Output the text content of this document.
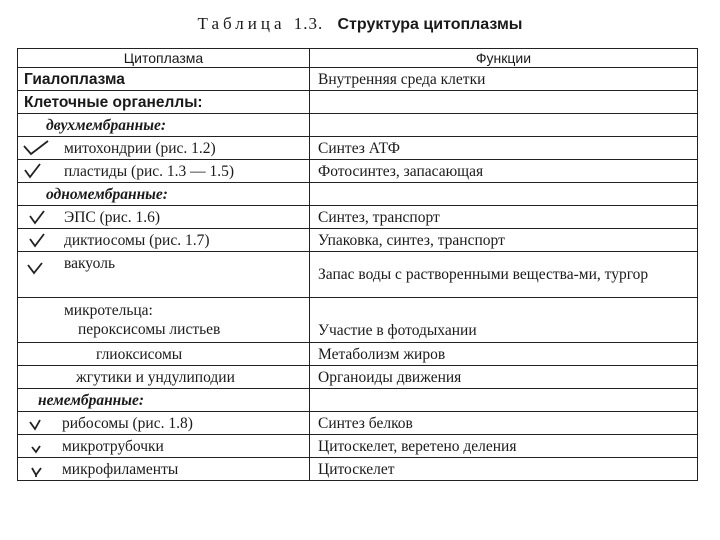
Таблица 1.3. Структура цитоплазмы
Цитоплазма	Функции
Гиалоплазма	Внутренняя среда клетки
Клеточные органеллы:	
двухмембранные:	

митохондрии (рис. 1.2)	Синтез АТФ

пластиды (рис. 1.3 — 1.5)	Фотосинтез, запасающая
одномембранные:	

ЭПС (рис. 1.6)	Синтез, транспорт

диктиосомы (рис. 1.7)	Упаковка, синтез, транспорт

вакуоль	Запас воды с растворенными вещества-ми, тургор
микротельца:
пероксисомы листьев	Участие в фотодыхании
глиоксисомы	Метаболизм жиров
жгутики и ундулиподии	Органоиды движения
немембранные:	

рибосомы (рис. 1.8)	Синтез белков

микротрубочки	Цитоскелет, веретено деления

микрофиламенты	Цитоскелет
